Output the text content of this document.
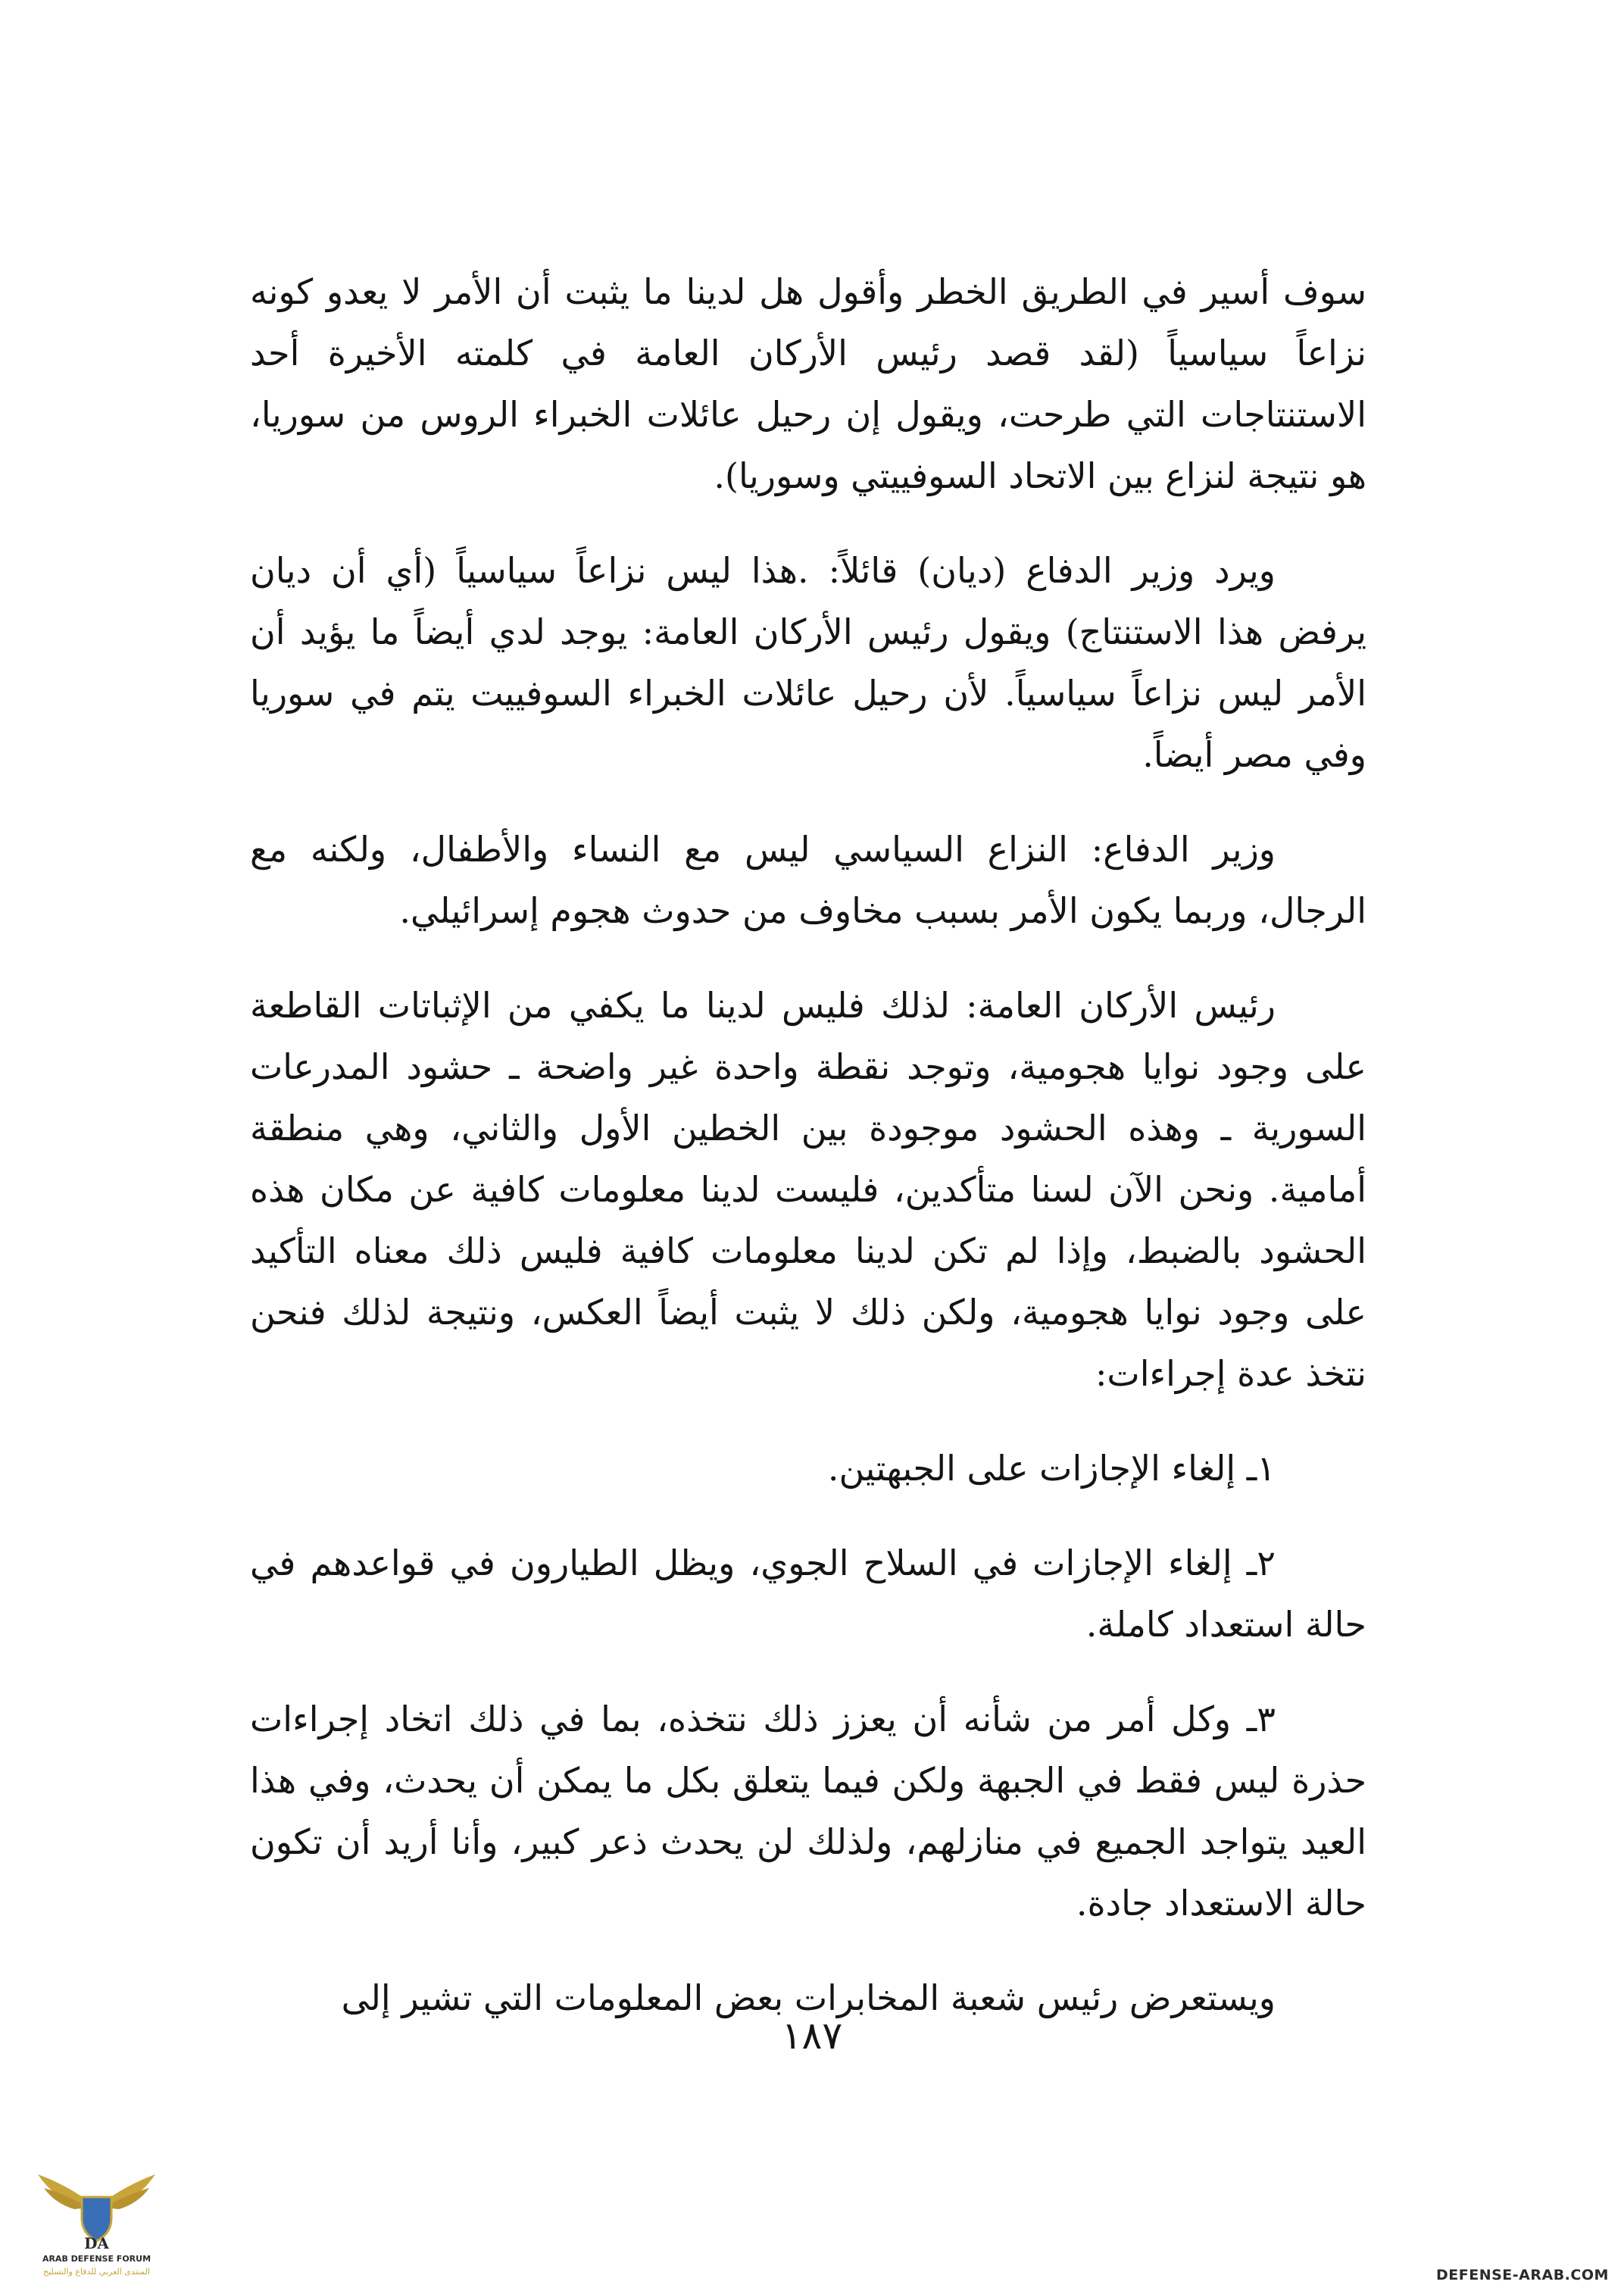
سوف أسير في الطريق الخطر وأقول هل لدينا ما يثبت أن الأمر لا يعدو كونه نزاعاً سياسياً (لقد قصد رئيس الأركان العامة في كلمته الأخيرة أحد الاستنتاجات التي طرحت، ويقول إن رحيل عائلات الخبراء الروس من سوريا، هو نتيجة لنزاع بين الاتحاد السوفييتي وسوريا).

ويرد وزير الدفاع (ديان) قائلاً: .هذا ليس نزاعاً سياسياً (أي أن ديان يرفض هذا الاستنتاج) ويقول رئيس الأركان العامة: يوجد لدي أيضاً ما يؤيد أن الأمر ليس نزاعاً سياسياً. لأن رحيل عائلات الخبراء السوفييت يتم في سوريا وفي مصر أيضاً.

وزير الدفاع: النزاع السياسي ليس مع النساء والأطفال، ولكنه مع الرجال، وربما يكون الأمر بسبب مخاوف من حدوث هجوم إسرائيلي.

رئيس الأركان العامة: لذلك فليس لدينا ما يكفي من الإثباتات القاطعة على وجود نوايا هجومية، وتوجد نقطة واحدة غير واضحة ـ حشود المدرعات السورية ـ وهذه الحشود موجودة بين الخطين الأول والثاني، وهي منطقة أمامية. ونحن الآن لسنا متأكدين، فليست لدينا معلومات كافية عن مكان هذه الحشود بالضبط، وإذا لم تكن لدينا معلومات كافية فليس ذلك معناه التأكيد على وجود نوايا هجومية، ولكن ذلك لا يثبت أيضاً العكس، ونتيجة لذلك فنحن نتخذ عدة إجراءات:

١ـ إلغاء الإجازات على الجبهتين.

٢ـ إلغاء الإجازات في السلاح الجوي، ويظل الطيارون في قواعدهم في حالة استعداد كاملة.

٣ـ وكل أمر من شأنه أن يعزز ذلك نتخذه، بما في ذلك اتخاد إجراءات حذرة ليس فقط في الجبهة ولكن فيما يتعلق بكل ما يمكن أن يحدث، وفي هذا العيد يتواجد الجميع في منازلهم، ولذلك لن يحدث ذعر كبير، وأنا أريد أن تكون حالة الاستعداد جادة.

ويستعرض رئيس شعبة المخابرات بعض المعلومات التي تشير إلى

١٨٧
DA
ARAB DEFENSE FORUM
المنتدى العربي للدفاع والتسليح	DEFENSE-ARAB.COM
